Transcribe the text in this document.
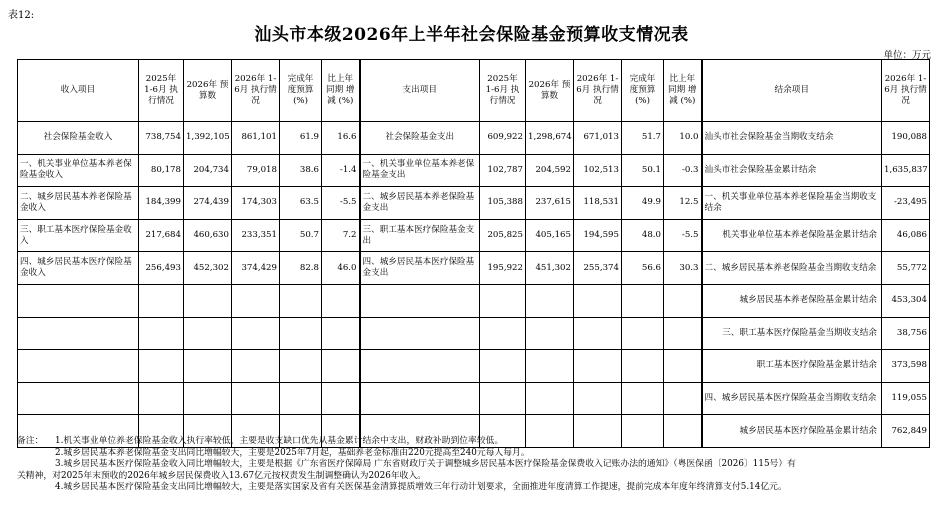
表12:
汕头市本级2026年上半年社会保险基金预算收支情况表
单位：万元
收入项目	2025年 1-6月 执行情况	2026年 预算数	2026年 1-6月 执行情况	完成年 度预算 (%)	比上年 同期 增减 (%)	支出项目	2025年 1-6月 执行情况	2026年 预算数	2026年 1-6月 执行情况	完成年 度预算 (%)	比上年 同期 增减 (%)	结余项目	2026年 1-6月 执行情况
社会保险基金收入	738,754	1,392,105	861,101	61.9	16.6	社会保险基金支出	609,922	1,298,674	671,013	51.7	10.0	汕头市社会保险基金当期收支结余	190,088
一、机关事业单位基本养老保险基金收入	80,178	204,734	79,018	38.6	-1.4	一、机关事业单位基本养老保险基金支出	102,787	204,592	102,513	50.1	-0.3	汕头市社会保险基金累计结余	1,635,837
二、城乡居民基本养老保险基金收入	184,399	274,439	174,303	63.5	-5.5	二、城乡居民基本养老保险基金支出	105,388	237,615	118,531	49.9	12.5	一、机关事业单位基本养老保险基金当期收支结余	-23,495
三、职工基本医疗保险基金收入	217,684	460,630	233,351	50.7	7.2	三、职工基本医疗保险基金支出	205,825	405,165	194,595	48.0	-5.5	机关事业单位基本养老保险基金累计结余	46,086
四、城乡居民基本医疗保险基金收入	256,493	452,302	374,429	82.8	46.0	四、城乡居民基本医疗保险基金支出	195,922	451,302	255,374	56.6	30.3	二、城乡居民基本养老保险基金当期收支结余	55,772
												城乡居民基本养老保险基金累计结余	453,304
												三、职工基本医疗保险基金当期收支结余	38,756
												职工基本医疗保险基金累计结余	373,598
												四、城乡居民基本医疗保险基金当期收支结余	119,055
												城乡居民基本医疗保险基金累计结余	762,849
备注： 1.机关事业单位养老保险基金收入执行率较低，主要是收支缺口优先从基金累计结余中支出，财政补助到位率较低。
2.城乡居民基本养老保险基金支出同比增幅较大，主要是2025年7月起，基础养老金标准由220元提高至240元每人每月。
3.城乡居民基本医疗保险基金收入同比增幅较大，主要是根据《广东省医疗保障局 广东省财政厅关于调整城乡居民基本医疗保险基金保费收入记账办法的通知》（粤医保函〔2026〕115号）有
关精神，对2025年末预收的2026年城乡居民保费收入13.67亿元按权责发生制调整确认为2026年收入。
4.城乡居民基本医疗保险基金支出同比增幅较大，主要是落实国家及省有关医保基金清算提质增效三年行动计划要求，全面推进年度清算工作提速，提前完成本年度年终清算支付5.14亿元。
